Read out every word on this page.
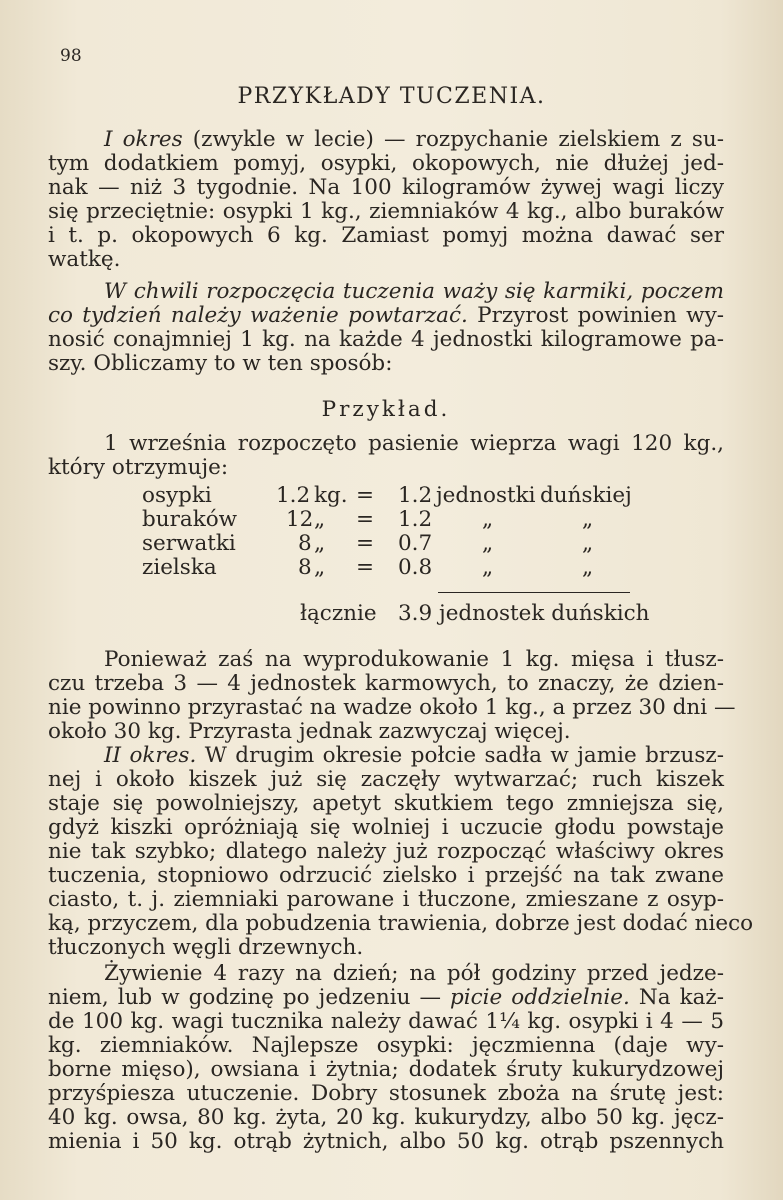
98
PRZYKŁADY TUCZENIA.
I okres (zwykle w lecie) — rozpychanie zielskiem z su-
tym dodatkiem pomyj, osypki, okopowych, nie dłużej jed-
nak — niż 3 tygodnie. Na 100 kilogramów żywej wagi liczy
się przeciętnie: osypki 1 kg., ziemniaków 4 kg., albo buraków
i t. p. okopowych 6 kg. Zamiast pomyj można dawać ser
watkę.
W chwili rozpoczęcia tuczenia waży się karmiki, poczem
co tydzień należy ważenie powtarzać. Przyrost powinien wy-
nosić conajmniej 1 kg. na każde 4 jednostki kilogramowe pa-
szy. Obliczamy to w ten sposób:
Przykład.
1 września rozpoczęto pasienie wieprza wagi 120 kg.,
który otrzymuje:
osypki	1.2 kg. = 1.2 jednostki duńskiej
buraków 12 „ = 1.2 „	„
serwatki	8 „ = 0.7 „	„
zielska	8 „ = 0.8 „	„
łącznie 3.9 jednostek duńskich
Ponieważ zaś na wyprodukowanie 1 kg. mięsa i tłusz-
czu trzeba 3 — 4 jednostek karmowych, to znaczy, że dzien-
nie powinno przyrastać na wadze około 1 kg., a przez 30 dni —
około 30 kg. Przyrasta jednak zazwyczaj więcej.
II okres. W drugim okresie połcie sadła w jamie brzusz-
nej i około kiszek już się zaczęły wytwarzać; ruch kiszek
staje się powolniejszy, apetyt skutkiem tego zmniejsza się,
gdyż kiszki opróżniają się wolniej i uczucie głodu powstaje
nie tak szybko; dlatego należy już rozpocząć właściwy okres
tuczenia, stopniowo odrzucić zielsko i przejść na tak zwane
ciasto, t. j. ziemniaki parowane i tłuczone, zmieszane z osyp-
ką, przyczem, dla pobudzenia trawienia, dobrze jest dodać nieco
tłuczonych węgli drzewnych.
Żywienie 4 razy na dzień; na pół godziny przed jedze-
niem, lub w godzinę po jedzeniu — picie oddzielnie. Na każ-
de 100 kg. wagi tucznika należy dawać 1¼ kg. osypki i 4 — 5
kg. ziemniaków. Najlepsze osypki: jęczmienna (daje wy-
borne mięso), owsiana i żytnia; dodatek śruty kukurydzowej
przyśpiesza utuczenie. Dobry stosunek zboża na śrutę jest:
40 kg. owsa, 80 kg. żyta, 20 kg. kukurydzy, albo 50 kg. jęcz-
mienia i 50 kg. otrąb żytnich, albo 50 kg. otrąb pszennych
